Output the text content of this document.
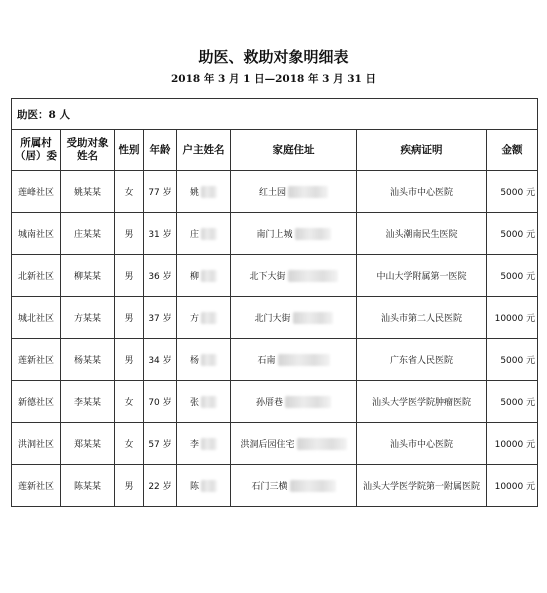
助医、救助对象明细表
2018 年 3 月 1 日—2018 年 3 月 31 日
助医：8 人							
所属村（居）委	受助对象姓名	性别	年龄	户主姓名	家庭住址	疾病证明	金额
莲峰社区	姚某某	女	77 岁	姚	红土园	汕头市中心医院	5000 元
城南社区	庄某某	男	31 岁	庄	南门上城	汕头潮南民生医院	5000 元
北新社区	柳某某	男	36 岁	柳	北下大街	中山大学附属第一医院	5000 元
城北社区	方某某	男	37 岁	方	北门大街	汕头市第二人民医院	10000 元
莲新社区	杨某某	男	34 岁	杨	石南	广东省人民医院	5000 元
新德社区	李某某	女	70 岁	张	孙厝巷	汕头大学医学院肿瘤医院	5000 元
洪洞社区	郑某某	女	57 岁	李	洪洞后园住宅	汕头市中心医院	10000 元
莲新社区	陈某某	男	22 岁	陈	石门三横	汕头大学医学院第一附属医院	10000 元
